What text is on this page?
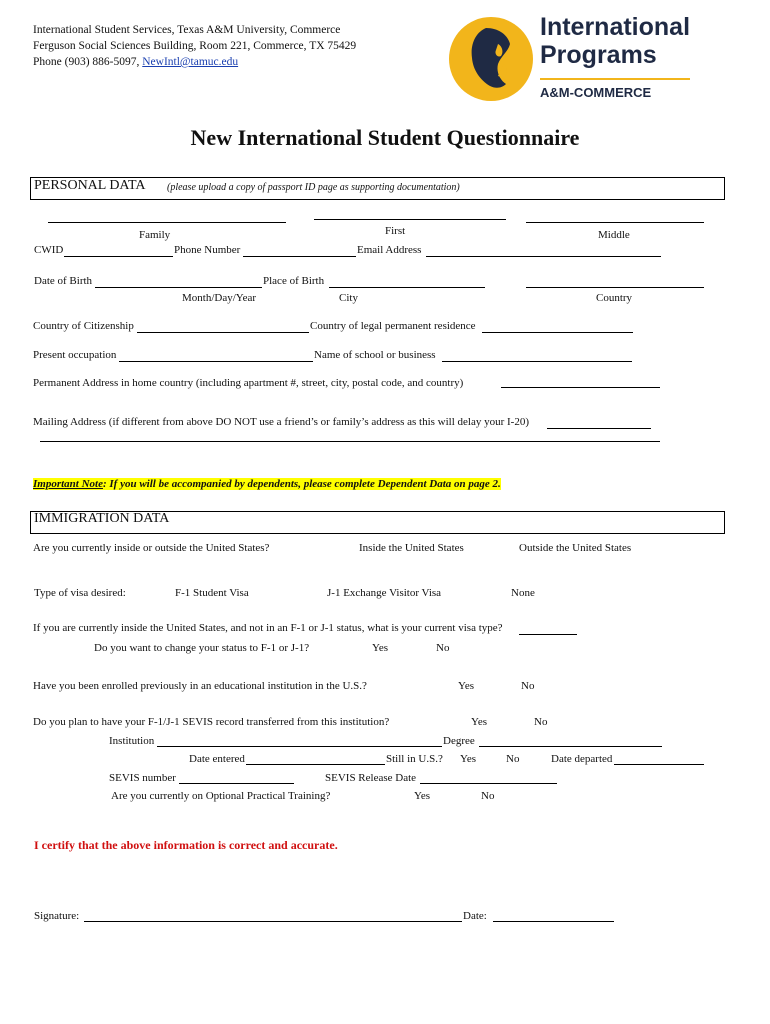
International Student Services, Texas A&M University, Commerce
Ferguson Social Sciences Building, Room 221, Commerce, TX 75429
Phone (903) 886-5097, NewIntl@tamuc.edu
International
Programs
A&M-COMMERCE
New International Student Questionnaire
PERSONAL DATA (please upload a copy of passport ID page as supporting documentation)
Family	First	Middle
CWID	Phone Number	Email Address
Date of Birth	Place of Birth
Month/Day/Year	City	Country
Country of Citizenship	Country of legal permanent residence
Present occupation	Name of school or business
Permanent Address in home country (including apartment #, street, city, postal code, and country)
Mailing Address (if different from above DO NOT use a friend’s or family’s address as this will delay your I-20)
Important Note: If you will be accompanied by dependents, please complete Dependent Data on page 2.
IMMIGRATION DATA
Are you currently inside or outside the United States?	Inside the United States	Outside the United States
Type of visa desired:	F-1 Student Visa	J-1 Exchange Visitor Visa	None
If you are currently inside the United States, and not in an F-1 or J-1 status, what is your current visa type?
Do you want to change your status to F-1 or J-1?	Yes	No
Have you been enrolled previously in an educational institution in the U.S.?	Yes	No
Do you plan to have your F-1/J-1 SEVIS record transferred from this institution?	Yes	No
Institution	Degree
Date entered	Still in U.S.? Yes	No	Date departed
SEVIS number	SEVIS Release Date
Are you currently on Optional Practical Training?	Yes	No
I certify that the above information is correct and accurate.
Signature:	Date:
